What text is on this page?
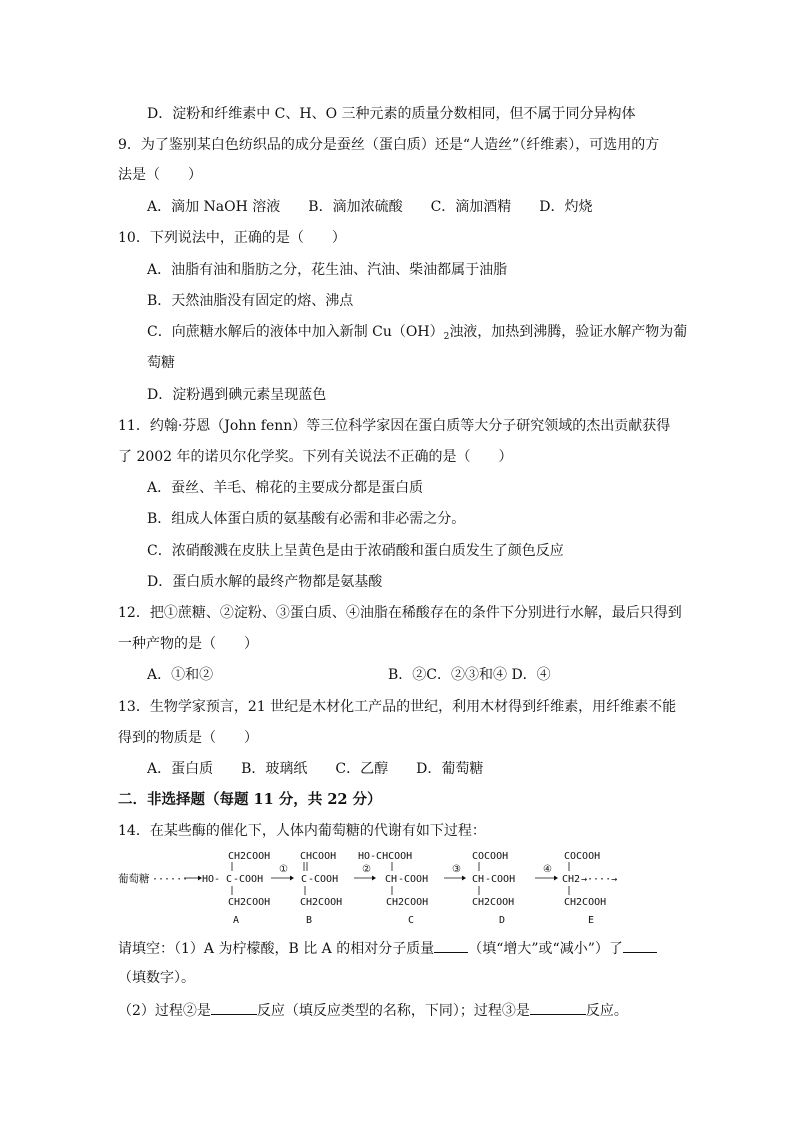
D．淀粉和纤维素中 C、H、O 三种元素的质量分数相同，但不属于同分异构体
9．为了鉴别某白色纺织品的成分是蚕丝（蛋白质）还是“人造丝”（纤维素），可选用的方
法是（　　）
A．滴加 NaOH 溶液　　B．滴加浓硫酸　　C．滴加酒精　　D．灼烧
10．下列说法中，正确的是（　　）
A．油脂有油和脂肪之分，花生油、汽油、柴油都属于油脂
B．天然油脂没有固定的熔、沸点
C．向蔗糖水解后的液体中加入新制 $Cu(OH)_2$浊液，加热到沸腾，验证水解产物为葡
萄糖
D．淀粉遇到碘元素呈现蓝色
11．约翰·芬恩（John fenn）等三位科学家因在蛋白质等大分子研究领域的杰出贡献获得
了 2002 年的诺贝尔化学奖。下列有关说法不正确的是（　　）
A．蚕丝、羊毛、棉花的主要成分都是蛋白质
B．组成人体蛋白质的氨基酸有必需和非必需之分。
C．浓硝酸溅在皮肤上呈黄色是由于浓硝酸和蛋白质发生了颜色反应
D．蛋白质水解的最终产物都是氨基酸
12．把①蔗糖、②淀粉、③蛋白质、④油脂在稀酸存在的条件下分别进行水解，最后只得到
一种产物的是（　　）
A．①和②	B．②C．②③和④ D．④
13．生物学家预言，21 世纪是木材化工产品的世纪，利用木材得到纤维素，用纤维素不能
得到的物质是（　　）
A．蛋白质　　B．玻璃纸　　C．乙醇　　D．葡萄糖
二．非选择题（每题 11 分，共 22 分）
14．在某些酶的催化下，人体内葡萄糖的代谢有如下过程：
葡萄糖 ······
CH2COOH
HO- C -COOH
CH2COOH
A
①
CHCOOH
C -COOH
CH2COOH
B
②
HO-CHCOOH
CH -COOH
CH2COOH
C
③
COCOOH
CH -COOH
CH2COOH
D
④
COCOOH
CH2 →····→
CH2COOH
E
请填空：（1）A 为柠檬酸，B 比 A 的相对分子质量 （填“增大”或“减小”）了
（填数字）。
（2）过程②是	反应（填反应类型的名称，下同）；过程③是	反应。
